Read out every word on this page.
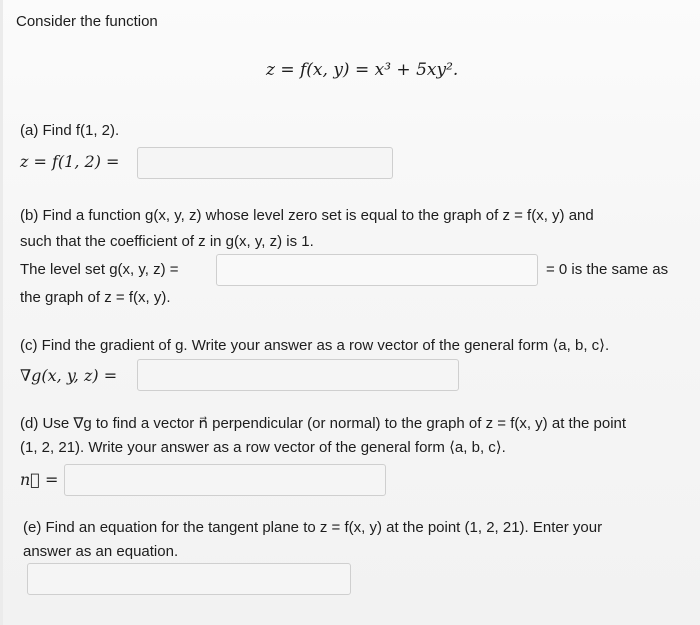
Consider the function
z = f(x, y) = x³ + 5xy².
(a) Find f(1, 2).
z = f(1, 2) =
(b) Find a function g(x, y, z) whose level zero set is equal to the graph of z = f(x, y) and
such that the coefficient of z in g(x, y, z) is 1.
The level set g(x, y, z) =	= 0 is the same as
the graph of z = f(x, y).
(c) Find the gradient of g. Write your answer as a row vector of the general form ⟨a, b, c⟩.
∇g(x, y, z) =
(d) Use ∇g to find a vector n⃗ perpendicular (or normal) to the graph of z = f(x, y) at the point
(1, 2, 21). Write your answer as a row vector of the general form ⟨a, b, c⟩.
n⃗ =
(e) Find an equation for the tangent plane to z = f(x, y) at the point (1, 2, 21). Enter your
answer as an equation.
